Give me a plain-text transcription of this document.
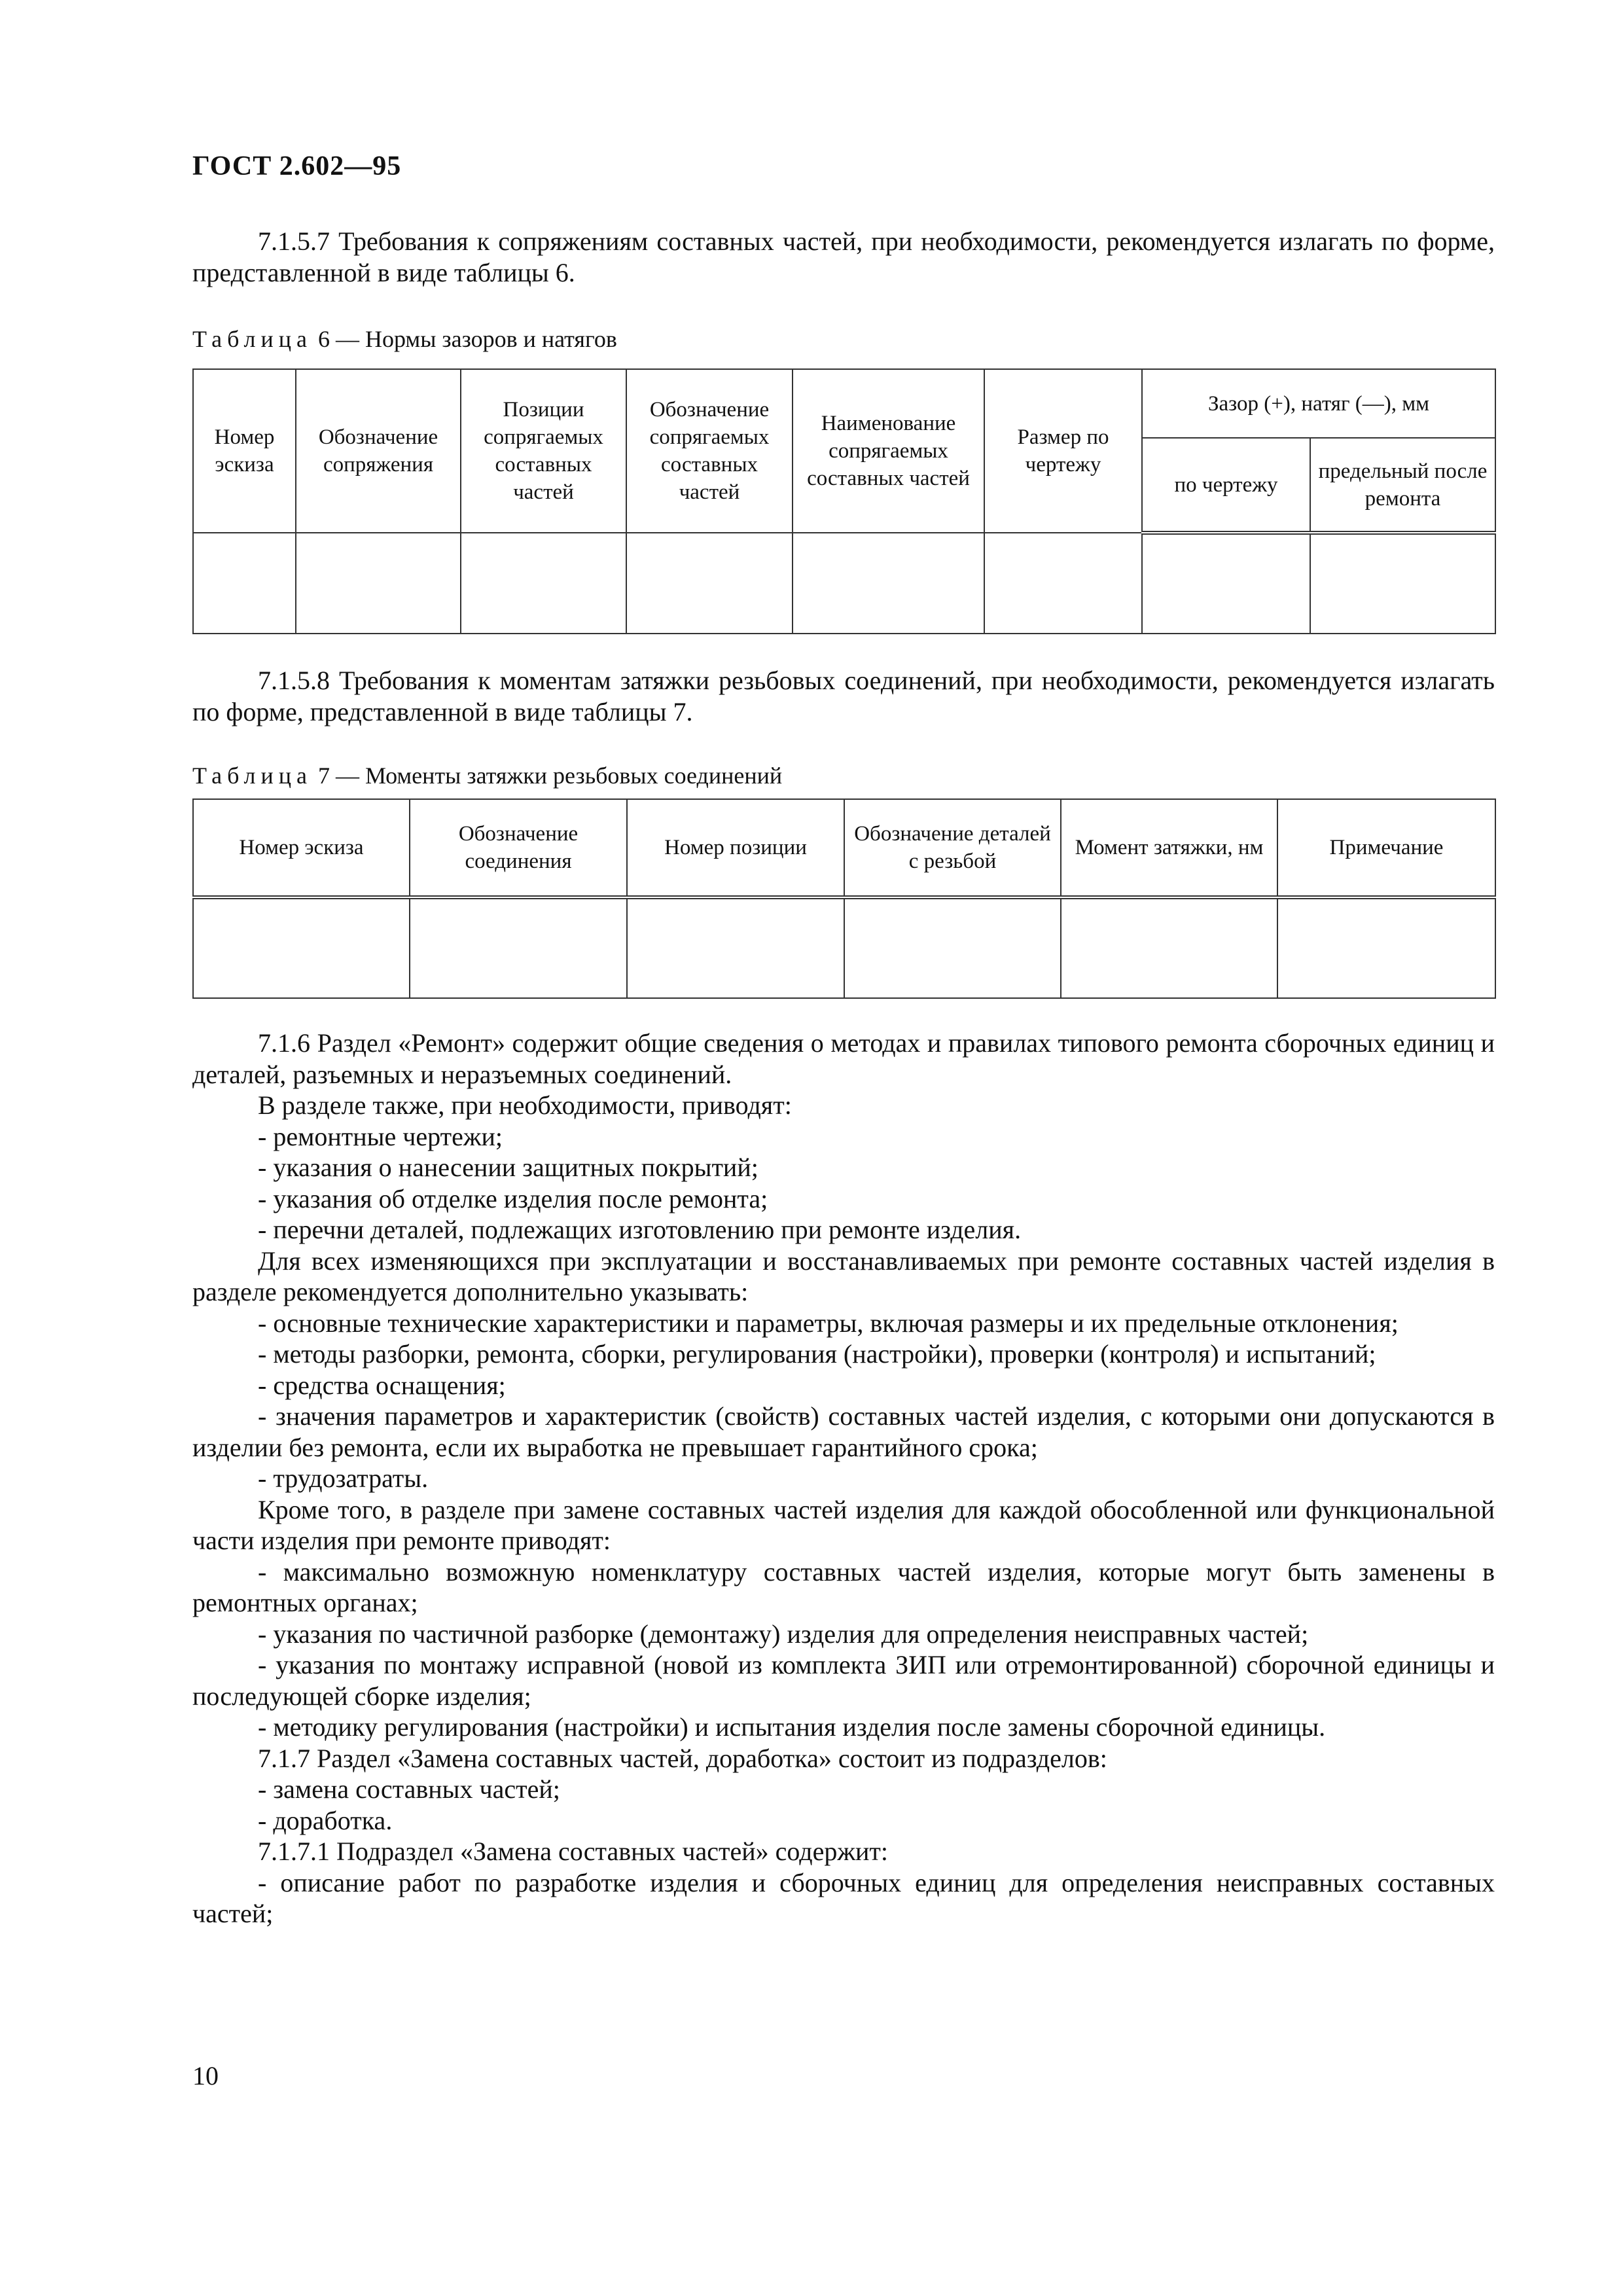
ГОСТ 2.602—95

7.1.5.7 Требования к сопряжениям составных частей, при необходимости, рекомендуется излагать по форме, представленной в виде таблицы 6.

Таблица 6 — Нормы зазоров и натягов
Номер эскиза	Обозначение сопряжения	Позиции сопрягаемых составных частей	Обозначение сопрягаемых составных частей	Наименование сопрягаемых составных частей	Размер по чертежу	Зазор (+), натяг (—), мм	
						по чертежу	предельный после ремонта

7.1.5.8 Требования к моментам затяжки резьбовых соединений, при необходимости, рекомендуется излагать по форме, представленной в виде таблицы 7.

Таблица 7 — Моменты затяжки резьбовых соединений
Номер эскиза	Обозначение соединения	Номер позиции	Обозначение деталей с резьбой	Момент затяжки, нм	Примечание

7.1.6 Раздел «Ремонт» содержит общие сведения о методах и правилах типового ремонта сборочных единиц и деталей, разъемных и неразъемных соединений.

В разделе также, при необходимости, приводят:

- ремонтные чертежи;

- указания о нанесении защитных покрытий;

- указания об отделке изделия после ремонта;

- перечни деталей, подлежащих изготовлению при ремонте изделия.

Для всех изменяющихся при эксплуатации и восстанавливаемых при ремонте составных частей изделия в разделе рекомендуется дополнительно указывать:

- основные технические характеристики и параметры, включая размеры и их предельные отклонения;

- методы разборки, ремонта, сборки, регулирования (настройки), проверки (контроля) и испытаний;

- средства оснащения;

- значения параметров и характеристик (свойств) составных частей изделия, с которыми они допускаются в изделии без ремонта, если их выработка не превышает гарантийного срока;

- трудозатраты.

Кроме того, в разделе при замене составных частей изделия для каждой обособленной или функциональной части изделия при ремонте приводят:

- максимально возможную номенклатуру составных частей изделия, которые могут быть заменены в ремонтных органах;

- указания по частичной разборке (демонтажу) изделия для определения неисправных частей;

- указания по монтажу исправной (новой из комплекта ЗИП или отремонтированной) сборочной единицы и последующей сборке изделия;

- методику регулирования (настройки) и испытания изделия после замены сборочной единицы.

7.1.7 Раздел «Замена составных частей, доработка» состоит из подразделов:

- замена составных частей;

- доработка.

7.1.7.1 Подраздел «Замена составных частей» содержит:

- описание работ по разработке изделия и сборочных единиц для определения неисправных составных частей;

10
